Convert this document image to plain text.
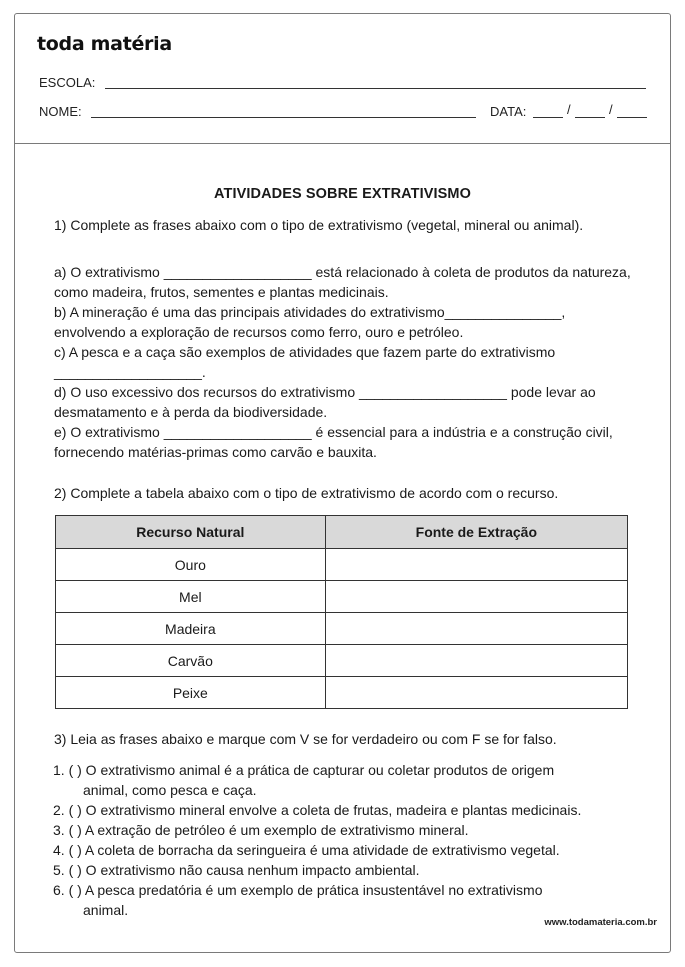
toda matéria
ESCOLA:
NOME:	DATA:	/	/
ATIVIDADES SOBRE EXTRATIVISMO
1) Complete as frases abaixo com o tipo de extrativismo (vegetal, mineral ou animal).
a) O extrativismo ___________________ está relacionado à coleta de produtos da natureza, como madeira, frutos, sementes e plantas medicinais.
b) A mineração é uma das principais atividades do extrativismo_______________, envolvendo a exploração de recursos como ferro, ouro e petróleo.
c) A pesca e a caça são exemplos de atividades que fazem parte do extrativismo ___________________.
d) O uso excessivo dos recursos do extrativismo ___________________ pode levar ao desmatamento e à perda da biodiversidade.
e) O extrativismo ___________________ é essencial para a indústria e a construção civil, fornecendo matérias-primas como carvão e bauxita.
2) Complete a tabela abaixo com o tipo de extrativismo de acordo com o recurso.
Recurso Natural	Fonte de Extração
Ouro	
Mel	
Madeira	
Carvão	
Peixe	
3) Leia as frases abaixo e marque com V se for verdadeiro ou com F se for falso.
1. ( ) O extrativismo animal é a prática de capturar ou coletar produtos de origem
animal, como pesca e caça.
2. ( ) O extrativismo mineral envolve a coleta de frutas, madeira e plantas medicinais.
3. ( ) A extração de petróleo é um exemplo de extrativismo mineral.
4. ( ) A coleta de borracha da seringueira é uma atividade de extrativismo vegetal.
5. ( ) O extrativismo não causa nenhum impacto ambiental.
6. ( ) A pesca predatória é um exemplo de prática insustentável no extrativismo
animal.
www.todamateria.com.br
